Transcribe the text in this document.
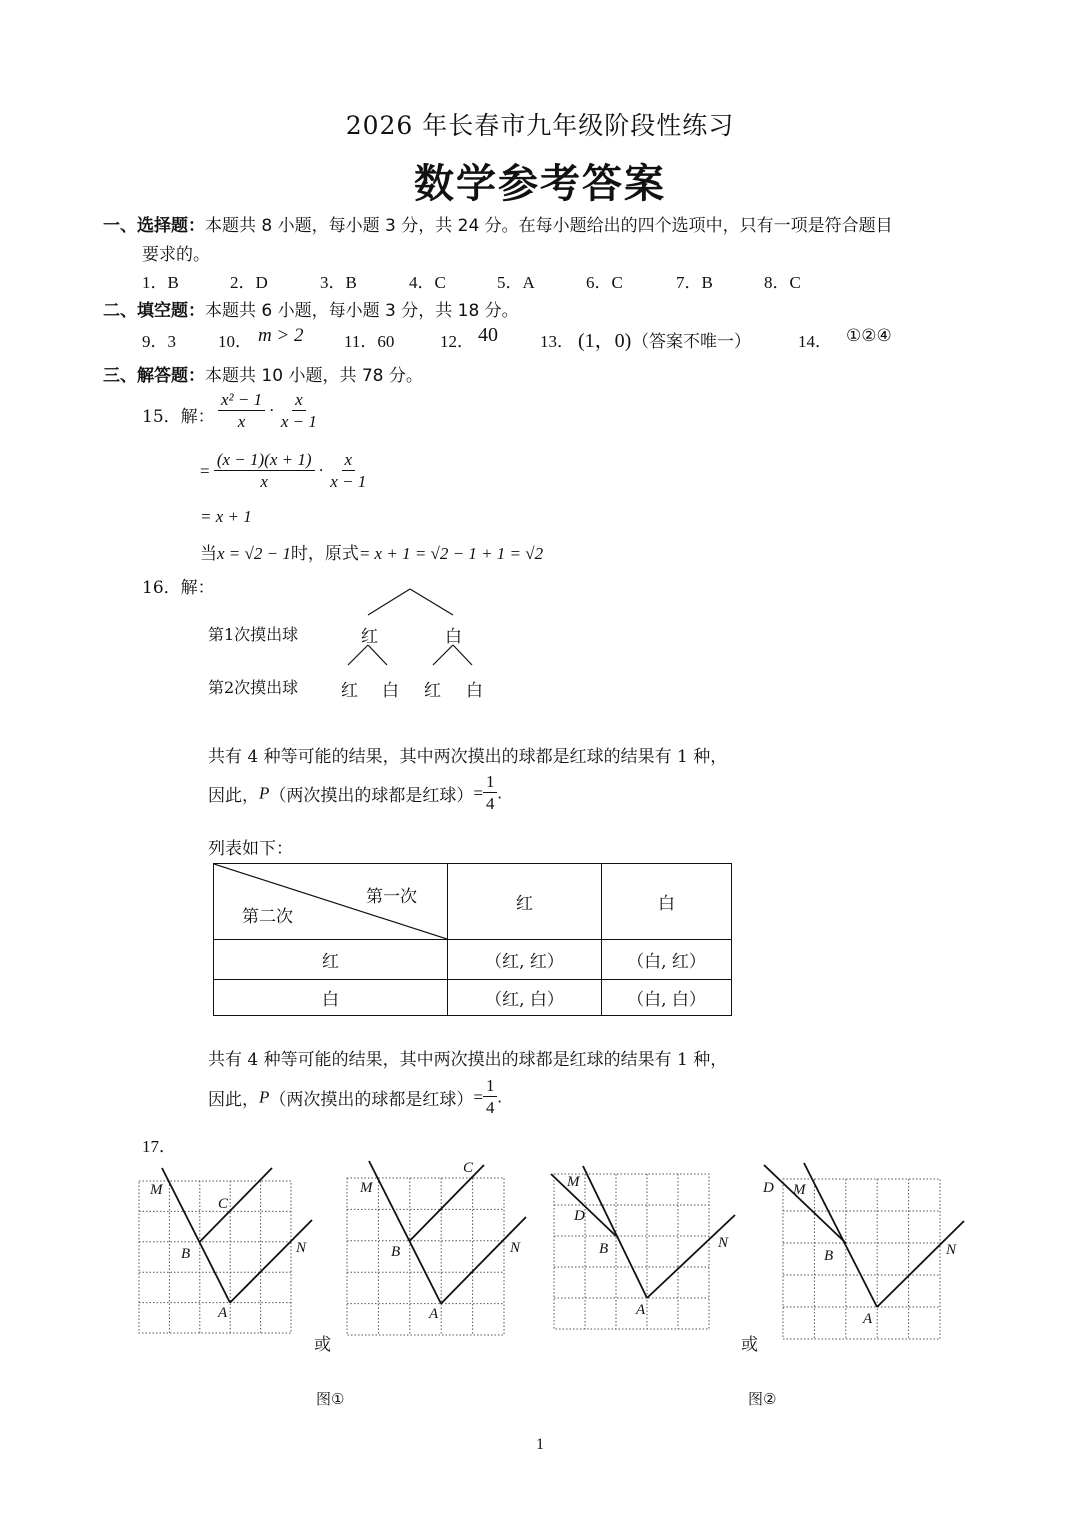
2026 年长春市九年级阶段性练习
数学参考答案
一、选择题：本题共 8 小题，每小题 3 分，共 24 分。在每小题给出的四个选项中，只有一项是符合题目
要求的。
1．B	2．D	3．B	4．C	5．A	6．C	7．B	8．C
二、填空题：本题共 6 小题，每小题 3 分，共 18 分。
9．3 10． m > 2 11．60	12． 40 13． (1，0) （答案不唯一）	14． ①②④
三、解答题：本题共 10 小题，共 78 分。
15．解： $\frac{\text{x² − 1}}{x} \cdot \frac{x}{x - 1}$
= $\frac{(x - 1)(x + 1)}{x} \cdot \frac{x}{x - 1}$
= x + 1
当x = √2 − 1时，原式= x + 1 = √2 − 1 + 1 = √2
16．解：
第1次摸出球
第2次摸出球
红	白
红 白 红 白
共有 4 种等可能的结果，其中两次摸出的球都是红球的结果有 1 种，
因此，P（两次摸出的球都是红球）= $\frac{1}{4}$ .
列表如下：
第一次
第二次	红	白
红	（红, 红）	（白, 红）
白	（红, 白）	（白, 白）
共有 4 种等可能的结果，其中两次摸出的球都是红球的结果有 1 种，
因此，P（两次摸出的球都是红球）= $\frac{1}{4}$ .
17．
M
C
B	N
A
或
M
C
B	N
A
M
D
B	N
A
或
D M
B	N
A
图①	图②
1
